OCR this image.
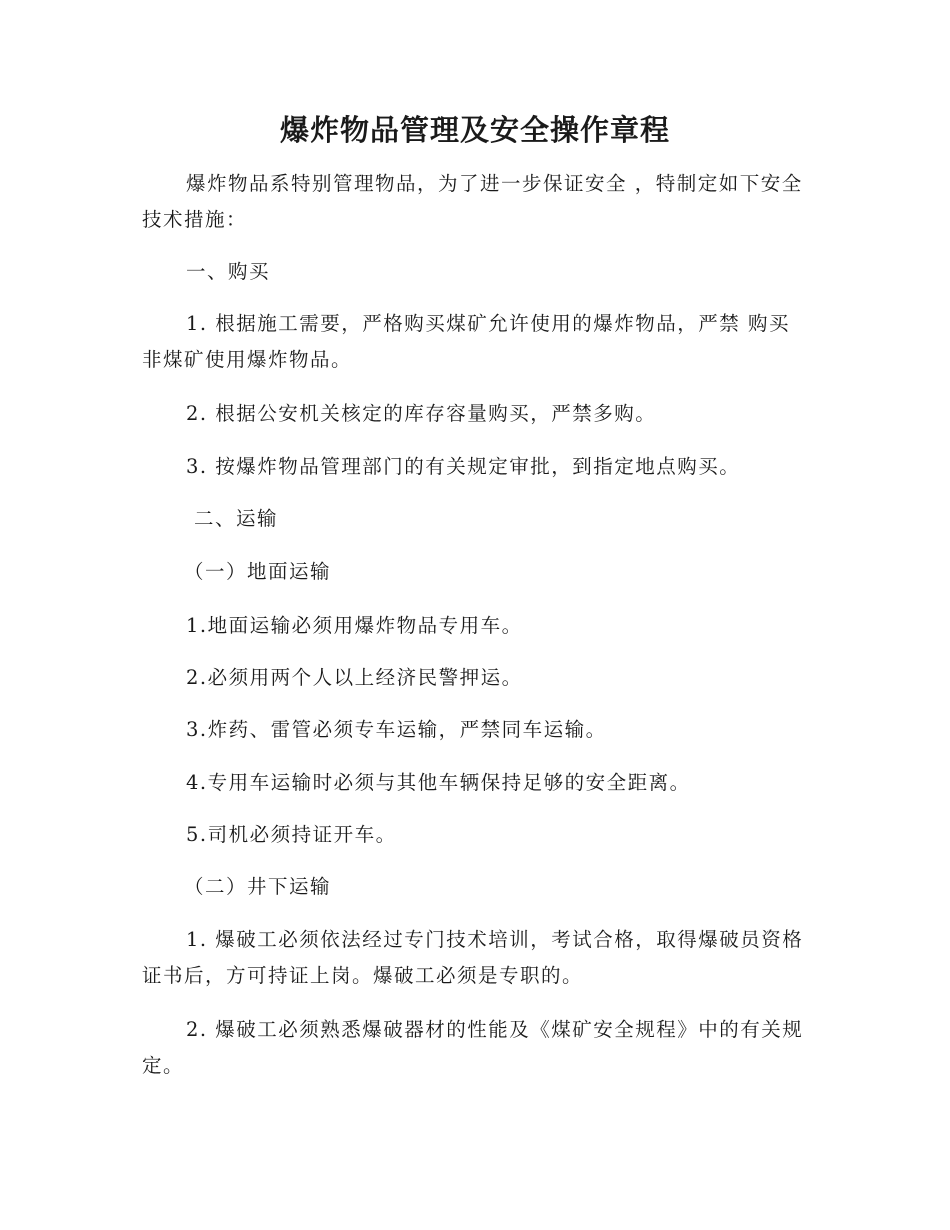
爆炸物品管理及安全操作章程

爆炸物品系特别管理物品，为了进一步保证安全 ，特制定如下安全技术措施：

一、购买

1. 根据施工需要，严格购买煤矿允许使用的爆炸物品，严禁 购买非煤矿使用爆炸物品。

2. 根据公安机关核定的库存容量购买，严禁多购。
3. 按爆炸物品管理部门的有关规定审批，到指定地点购买。
二、运输
（一）地面运输
1.地面运输必须用爆炸物品专用车。
2.必须用两个人以上经济民警押运。
3.炸药、雷管必须专车运输，严禁同车运输。
4.专用车运输时必须与其他车辆保持足够的安全距离。
5.司机必须持证开车。
（二）井下运输

1. 爆破工必须依法经过专门技术培训，考试合格，取得爆破员资格证书后，方可持证上岗。爆破工必须是专职的。

2. 爆破工必须熟悉爆破器材的性能及《煤矿安全规程》中的有关规定。
